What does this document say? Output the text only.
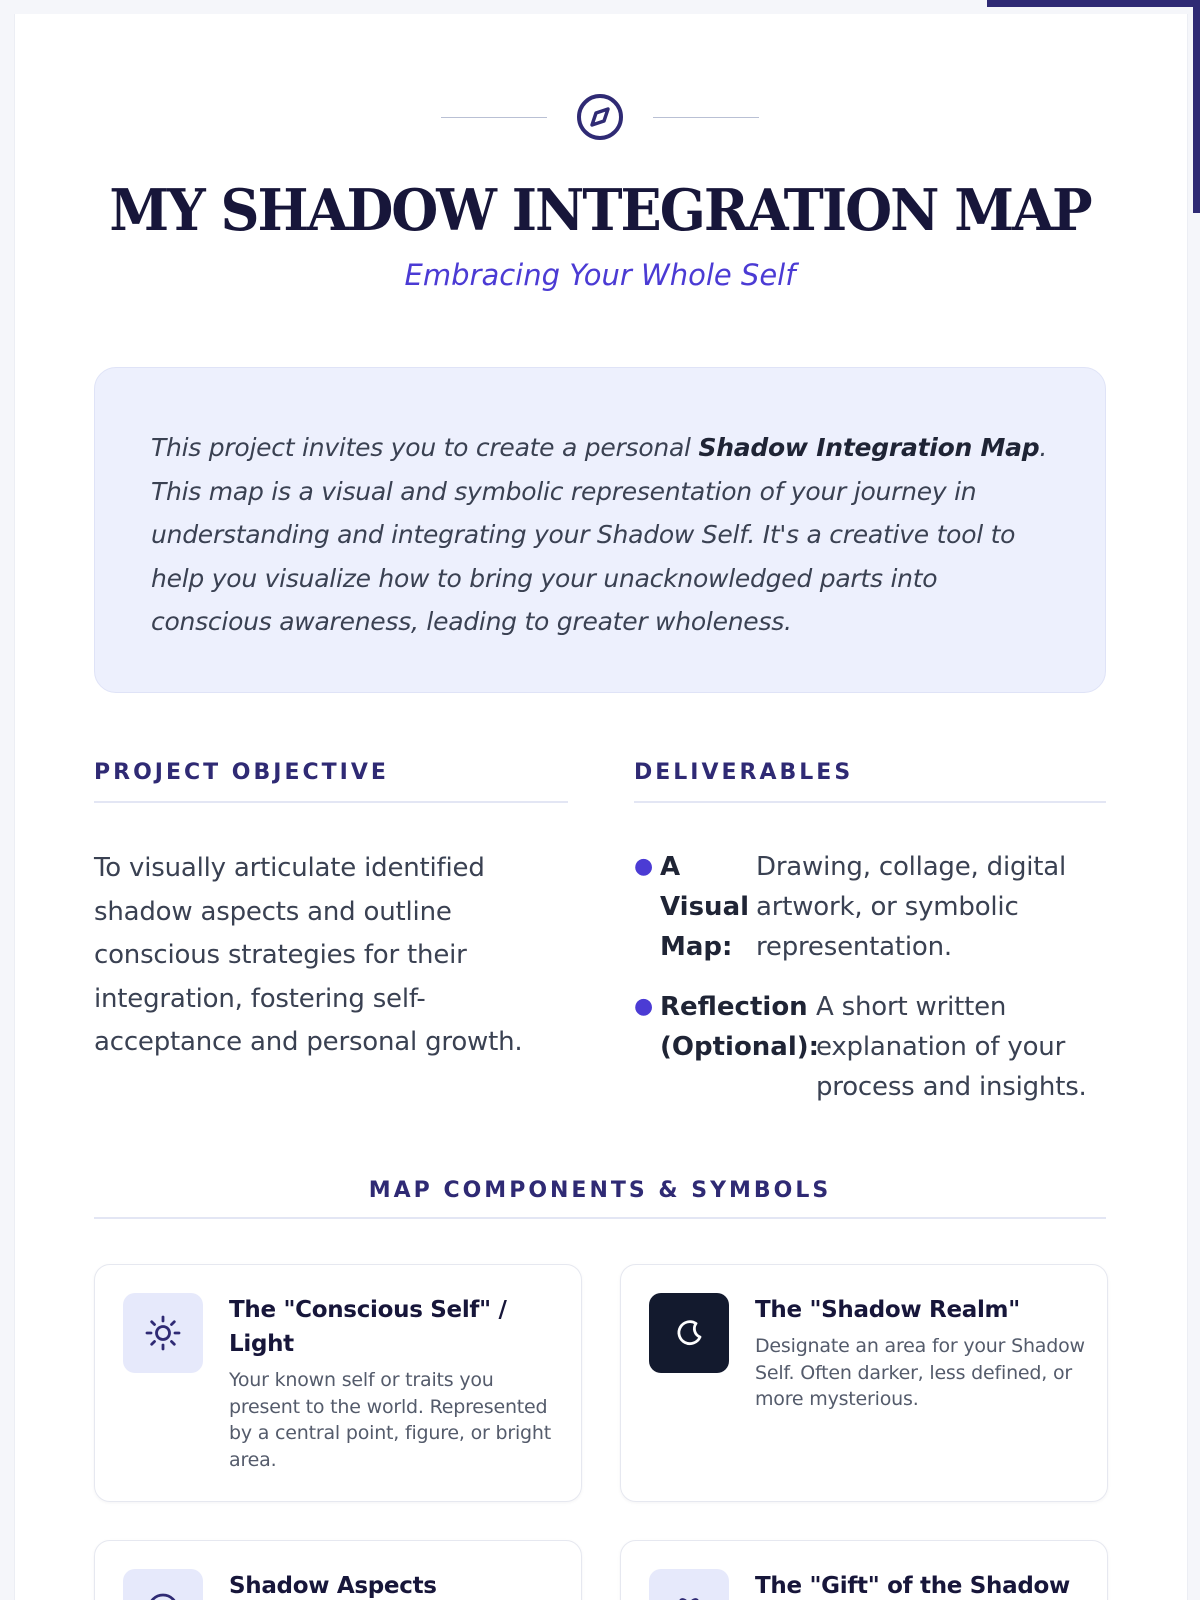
MY SHADOW INTEGRATION MAP
Embracing Your Whole Self

This project invites you to create a personal Shadow Integration Map. This map is a visual and symbolic representation of your journey in understanding and integrating your Shadow Self. It's a creative tool to help you visualize how to bring your unacknowledged parts into conscious awareness, leading to greater wholeness.

PROJECT OBJECTIVE

To visually articulate identified shadow aspects and outline conscious strategies for their integration, fostering self-acceptance and personal growth.

DELIVERABLES
● A Visual Map:
Drawing, collage, digital artwork, or symbolic representation.
● Reflection (Optional):
A short written explanation of your process and insights.
MAP COMPONENTS & SYMBOLS
The "Conscious Self" / Light
Your known self or traits you present to the world. Represented by a central point, figure, or bright area.
The "Shadow Realm"
Designate an area for your Shadow Self. Often darker, less defined, or more mysterious.
Shadow Aspects	The "Gift" of the Shadow
